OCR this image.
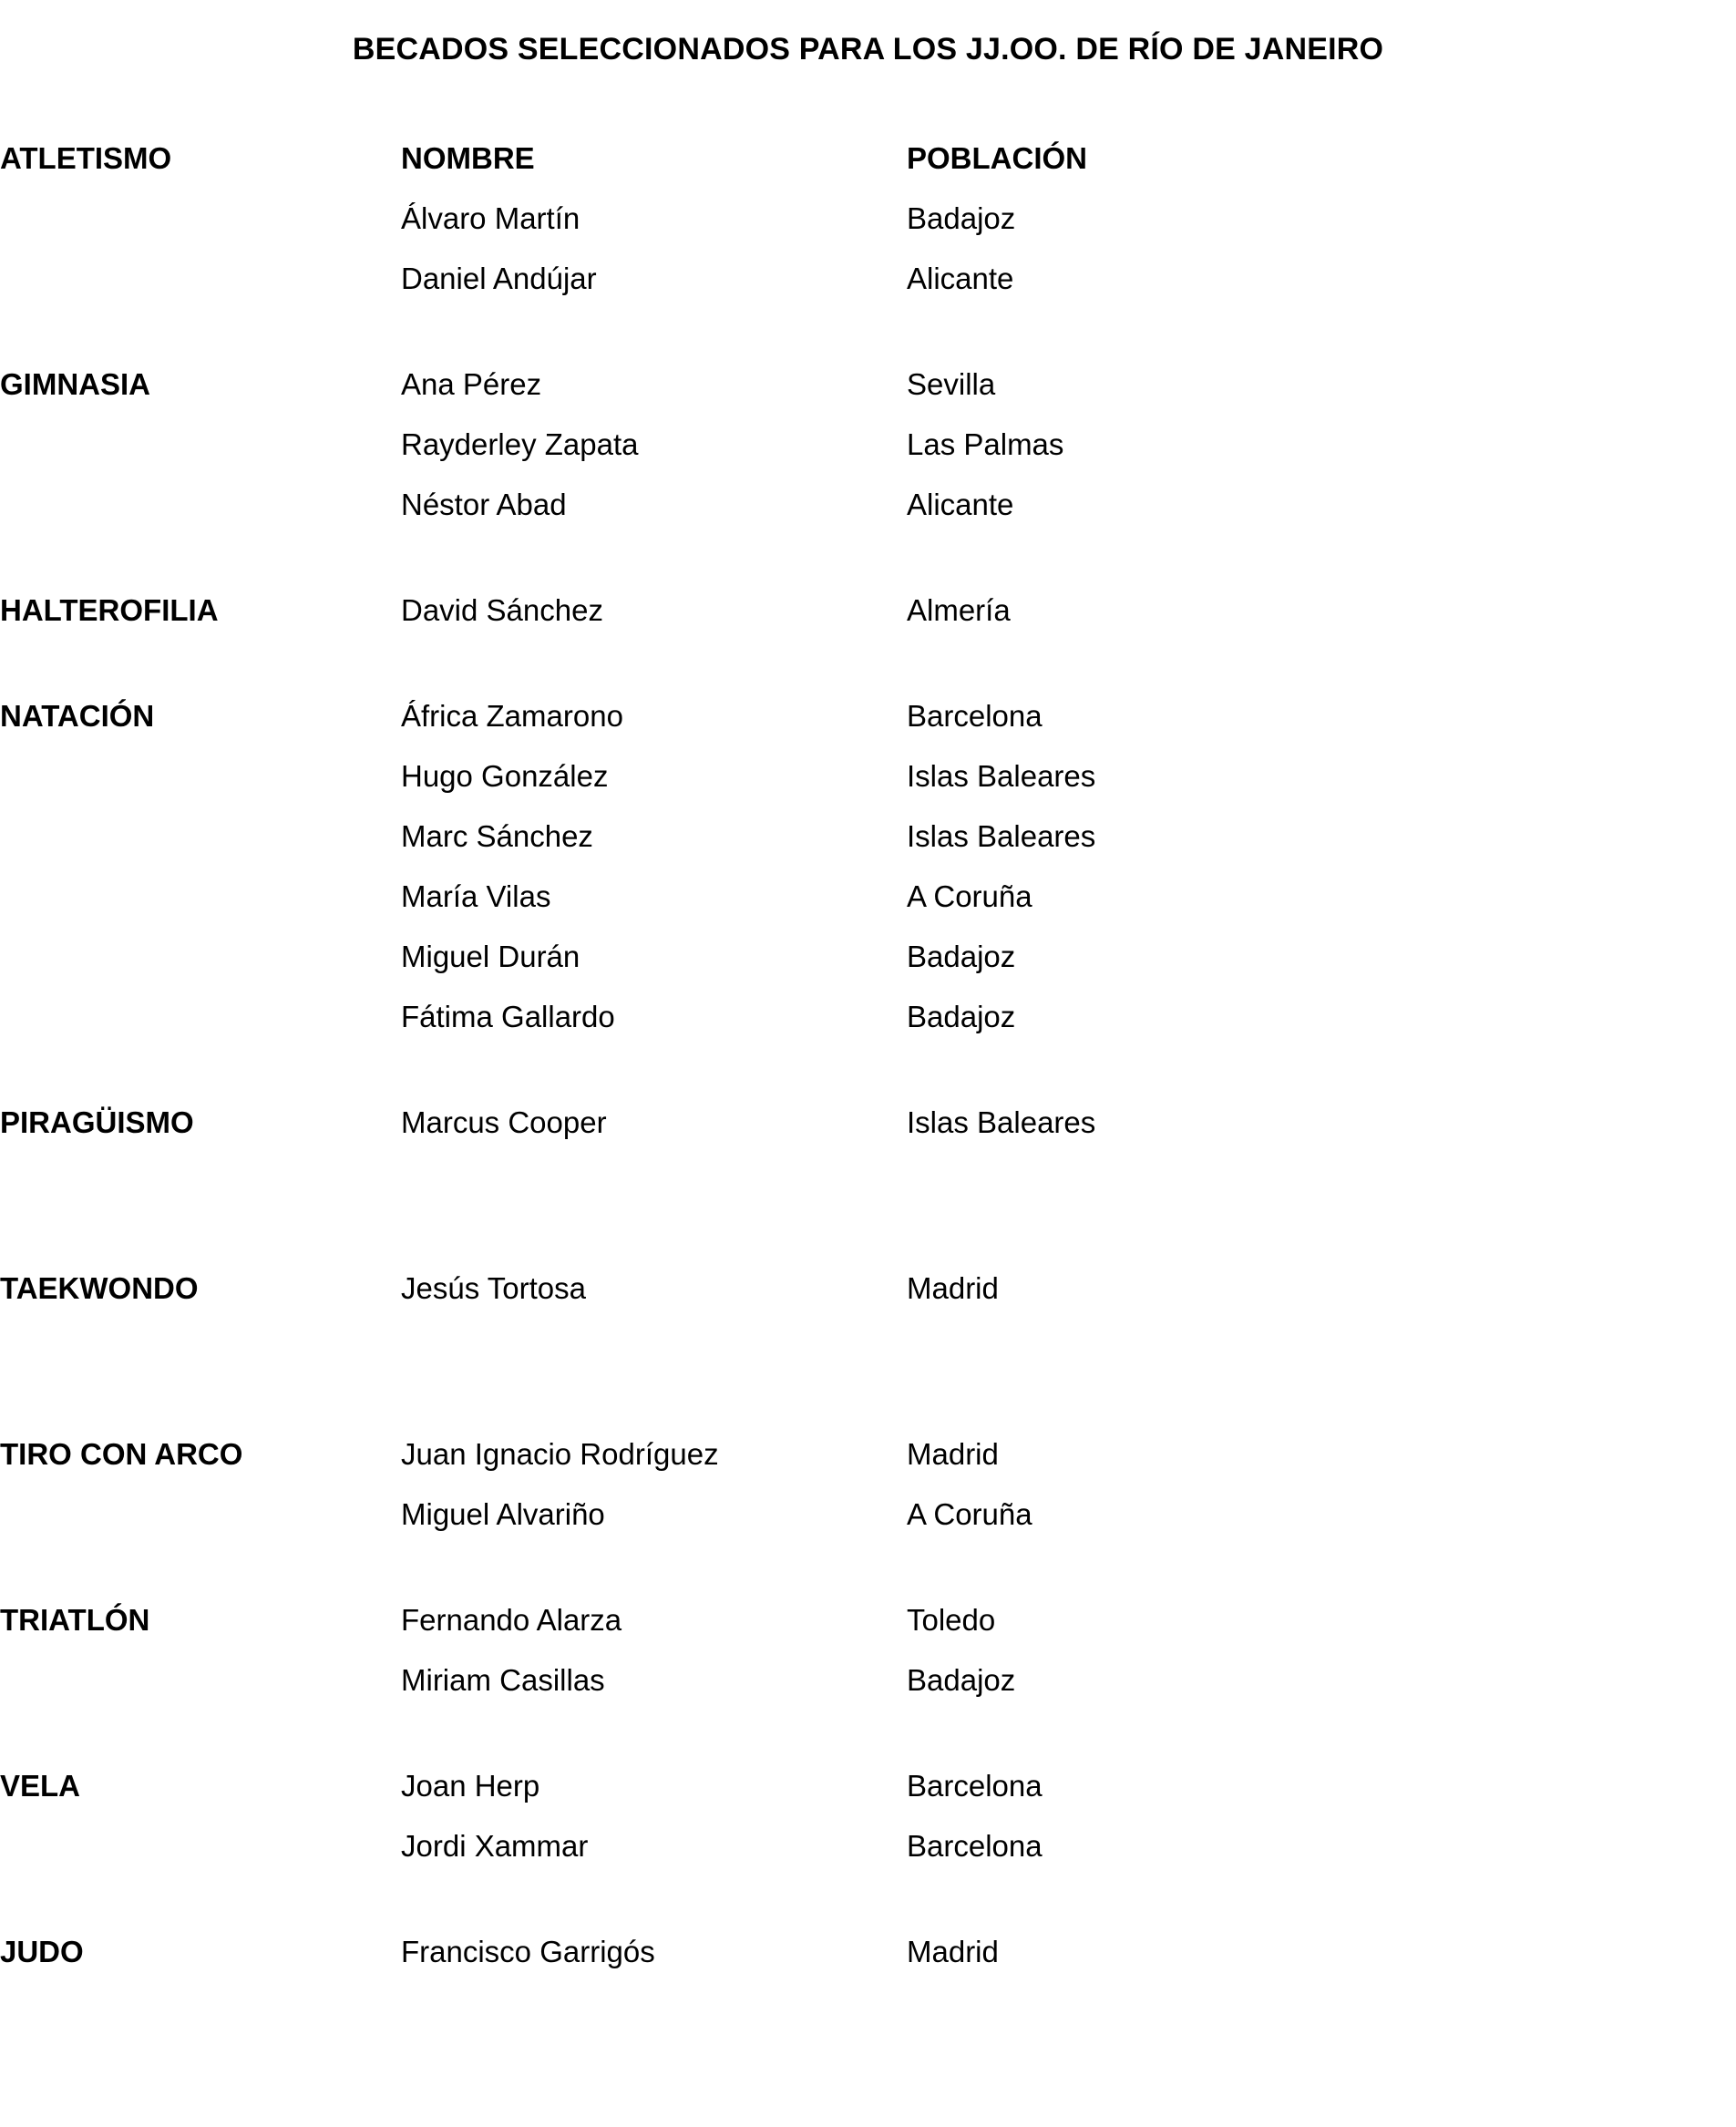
BECADOS SELECCIONADOS PARA LOS JJ.OO. DE RÍO DE JANEIRO
ATLETISMO	NOMBRE	POBLACIÓN	
	Álvaro Martín	Badajoz	
	Daniel Andújar	Alicante	

GIMNASIA	Ana Pérez	Sevilla	
	Rayderley Zapata	Las Palmas	
	Néstor Abad	Alicante	

HALTEROFILIA	David Sánchez	Almería	

NATACIÓN	África Zamarono	Barcelona	
	Hugo González	Islas Baleares	
	Marc Sánchez	Islas Baleares	
	María Vilas	A Coruña	
	Miguel Durán	Badajoz	
	Fátima Gallardo	Badajoz	

PIRAGÜISMO	Marcus Cooper	Islas Baleares	

TAEKWONDO	Jesús Tortosa	Madrid	

TIRO CON ARCO	Juan Ignacio Rodríguez	Madrid	
	Miguel Alvariño	A Coruña	

TRIATLÓN	Fernando Alarza	Toledo	
	Miriam Casillas	Badajoz	

VELA	Joan Herp	Barcelona	
	Jordi Xammar	Barcelona	

JUDO	Francisco Garrigós	Madrid	
